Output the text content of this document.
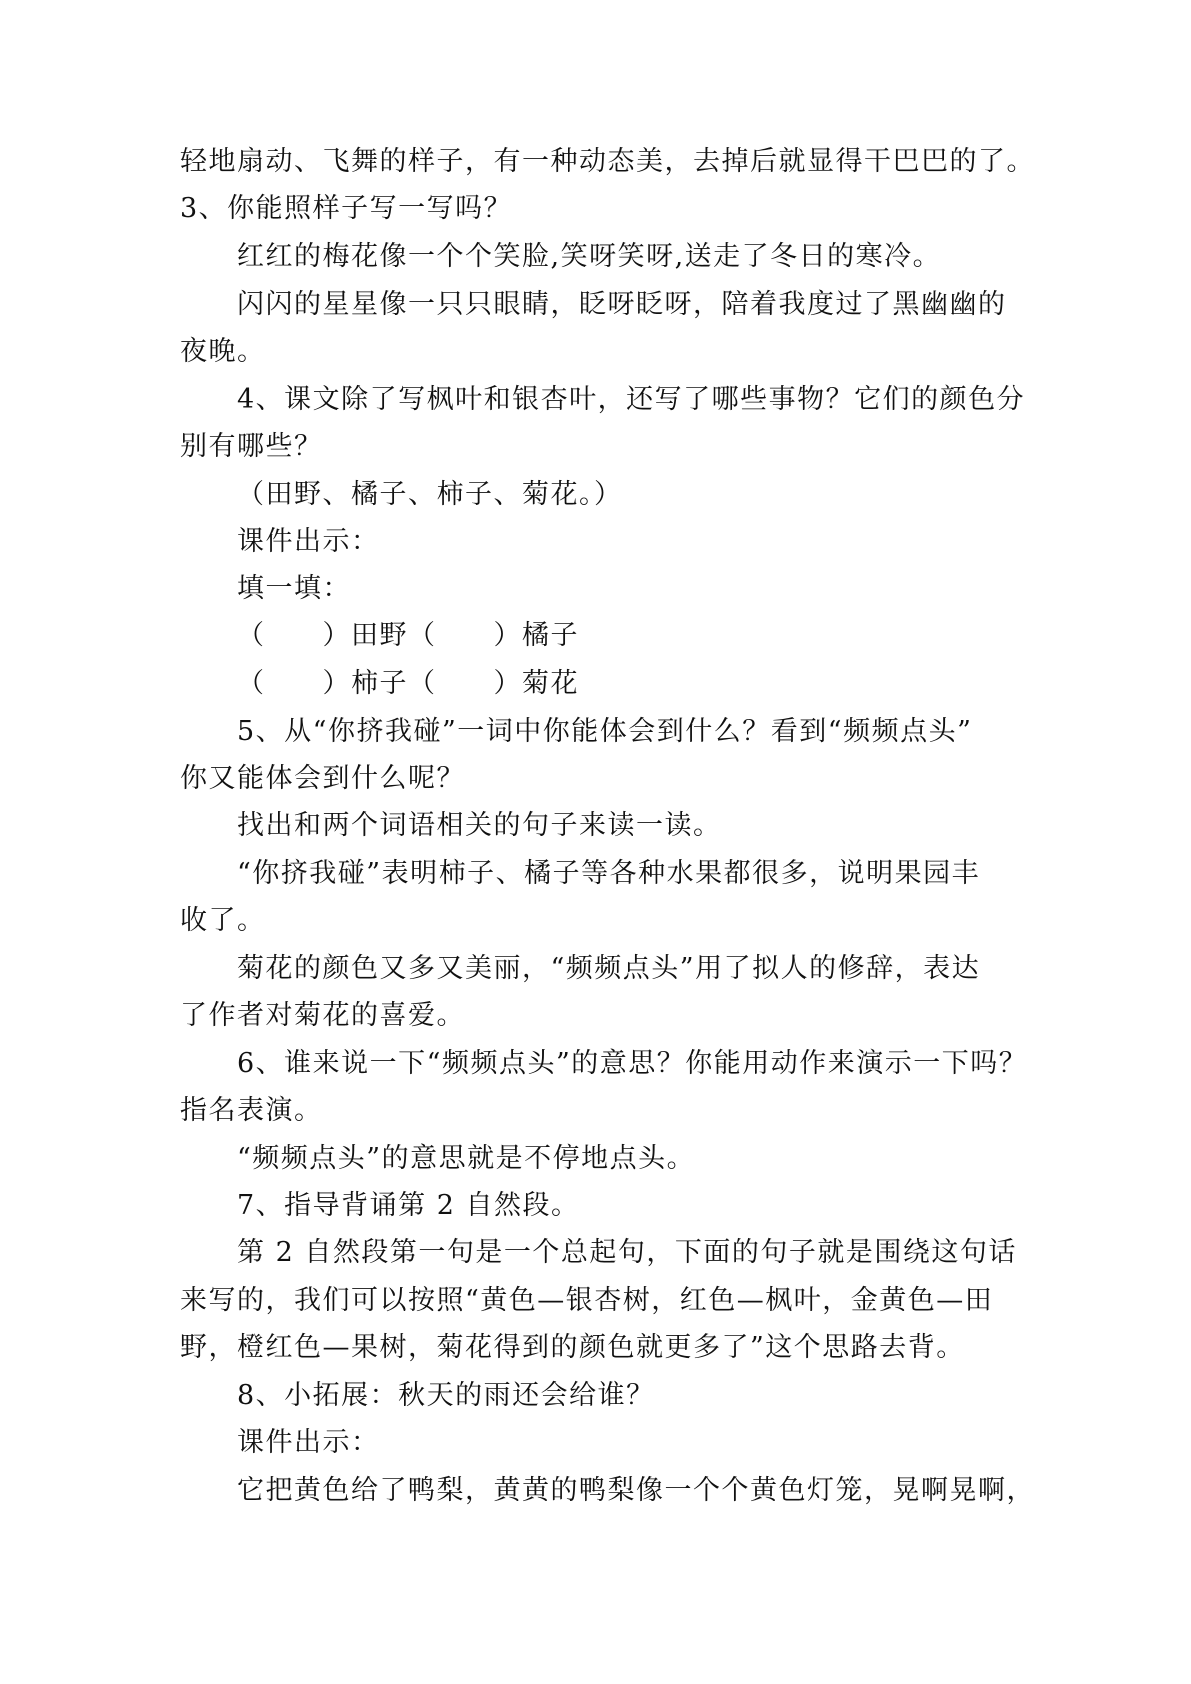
轻地扇动、飞舞的样子，有一种动态美，去掉后就显得干巴巴的了。
3、你能照样子写一写吗？
红红的梅花像一个个笑脸,笑呀笑呀,送走了冬日的寒冷。
闪闪的星星像一只只眼睛，眨呀眨呀，陪着我度过了黑幽幽的
夜晚。
4、课文除了写枫叶和银杏叶，还写了哪些事物？它们的颜色分
别有哪些？
（田野、橘子、柿子、菊花。）
课件出示：
填一填：
（　　）田野（　　）橘子
（　　）柿子（　　）菊花
5、从“你挤我碰”一词中你能体会到什么？看到“频频点头”
你又能体会到什么呢？
找出和两个词语相关的句子来读一读。
“你挤我碰”表明柿子、橘子等各种水果都很多，说明果园丰
收了。
菊花的颜色又多又美丽，“频频点头”用了拟人的修辞，表达
了作者对菊花的喜爱。
6、谁来说一下“频频点头”的意思？你能用动作来演示一下吗？
指名表演。
“频频点头”的意思就是不停地点头。
7、指导背诵第 2 自然段。
第 2 自然段第一句是一个总起句，下面的句子就是围绕这句话
来写的，我们可以按照“黄色—银杏树，红色—枫叶，金黄色—田
野，橙红色—果树，菊花得到的颜色就更多了”这个思路去背。
8、小拓展：秋天的雨还会给谁？
课件出示：
它把黄色给了鸭梨，黄黄的鸭梨像一个个黄色灯笼，晃啊晃啊，
